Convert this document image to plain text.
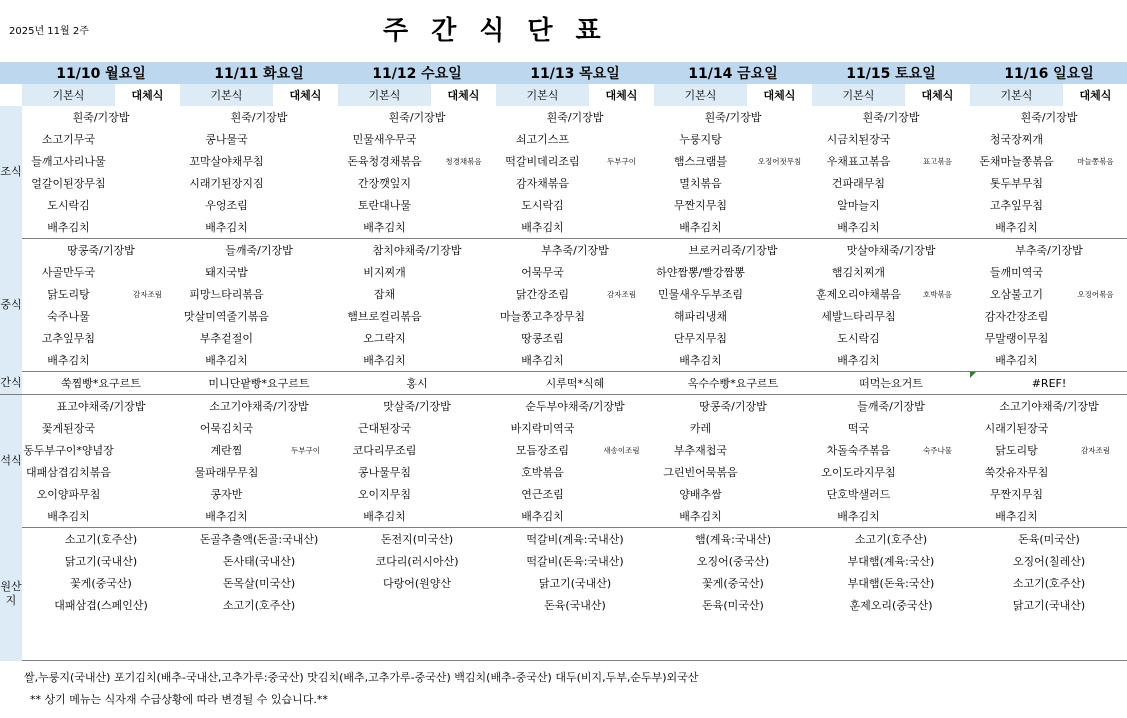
2025년 11월 2주	주간식단표
	11/10 월요일		11/11 화요일		11/12 수요일		11/13 목요일		11/14 금요일		11/15 토요일		11/16 일요일	
	기본식	대체식	기본식	대체식	기본식	대체식	기본식	대체식	기본식	대체식	기본식	대체식	기본식	대체식
조식	흰죽/기장밥		흰죽/기장밥		흰죽/기장밥		흰죽/기장밥		흰죽/기장밥		흰죽/기장밥		흰죽/기장밥	
	소고기무국		콩나물국		민물새우무국		쇠고기스프		누룽지탕		시금치된장국		청국장찌개	
	들깨고사리나물		꼬막살야채무침		돈육청경채볶음	청경채볶음	떡갈비데리조림	두부구이	햄스크램블	오징어젓무침	우채표고볶음	표고볶음	돈채마늘쫑볶음	마늘쫑볶음
	얼갈이된장무침		시래기된장지짐		간장깻잎지		감자채볶음		멸치볶음		건파래무침		톳두부무침	
	도시락김		우엉조림		토란대나물		도시락김		무짠지무침		알마늘지		고추잎무침	
	배추김치		배추김치		배추김치		배추김치		배추김치		배추김치		배추김치	
중식	땅콩죽/기장밥		들깨죽/기장밥		참치야채죽/기장밥		부추죽/기장밥		브로커리죽/기장밥		맛살야채죽/기장밥		부추죽/기장밥	
	사골만두국		돼지국밥		비지찌개		어묵무국		하얀짬뽕/빨강짬뽕		햄김치찌개		들깨미역국	
	닭도리탕	감자조림	피망느타리볶음		잡채		닭간장조림	감자조림	민물새우두부조림		훈제오리야채볶음	호박볶음	오삼불고기	오징어볶음
	숙주나물		맛살미역줄기볶음		햄브로컬리볶음		마늘쫑고추장무침		해파리냉채		세발느타리무침		감자간장조림	
	고추잎무침		부추겉절이		오그락지		땅콩조림		단무지무침		도시락김		무말랭이무침	
	배추김치		배추김치		배추김치		배추김치		배추김치		배추김치		배추김치	
간식	쑥찜빵*요구르트		미니단팥빵*요구르트		홍시		시루떡*식혜		옥수수빵*요구르트		떠먹는요거트		#REF!	
석식	표고야채죽/기장밥		소고기야채죽/기장밥		맛살죽/기장밥		순두부야채죽/기장밥		땅콩죽/기장밥		들깨죽/기장밥		소고기야채죽/기장밥	
	꽃게된장국		어묵김치국		근대된장국		바지락미역국		카레		떡국		시래기된장국	
	동두부구이*양념장		계란찜	두부구이	코다리무조림		모듬장조림	새송이조림	부추재첩국		차돌숙주볶음	숙주나물	닭도리탕	감자조림
	대패삼겹김치볶음		물파래무무침		콩나물무침		호박볶음		그린빈어묵볶음		오이도라지무침		쑥갓유자무침	
	오이양파무침		콩자반		오이지무침		연근조림		양배추쌈		단호박샐러드		무짠지무침	
	배추김치		배추김치		배추김치		배추김치		배추김치		배추김치		배추김치	
원산지	소고기(호주산)		돈골추출액(돈골:국내산)		돈전지(미국산)		떡갈비(계육:국내산)		햄(계육:국내산)		소고기(호주산)		돈육(미국산)	
	닭고기(국내산)		돈사태(국내산)		코다리(러시아산)		떡갈비(돈육:국내산)		오징어(중국산)		부대햄(계육:국산)		오징어(칠레산)	
	꽃게(중국산)		돈목살(미국산)		다랑어(원양산		닭고기(국내산)		꽃게(중국산)		부대햄(돈육:국산)		소고기(호주산)	
	대패삼겹(스페인산)		소고기(호주산)				돈육(국내산)		돈육(미국산)		훈제오리(중국산)		닭고기(국내산)	

쌀,누룽지(국내산) 포기김치(배추-국내산,고추가루:중국산) 맛김치(배추,고추가루-중국산) 백김치(배추-중국산) 대두(비지,두부,순두부)외국산
** 상기 메뉴는 식자재 수급상황에 따라 변경될 수 있습니다.**
